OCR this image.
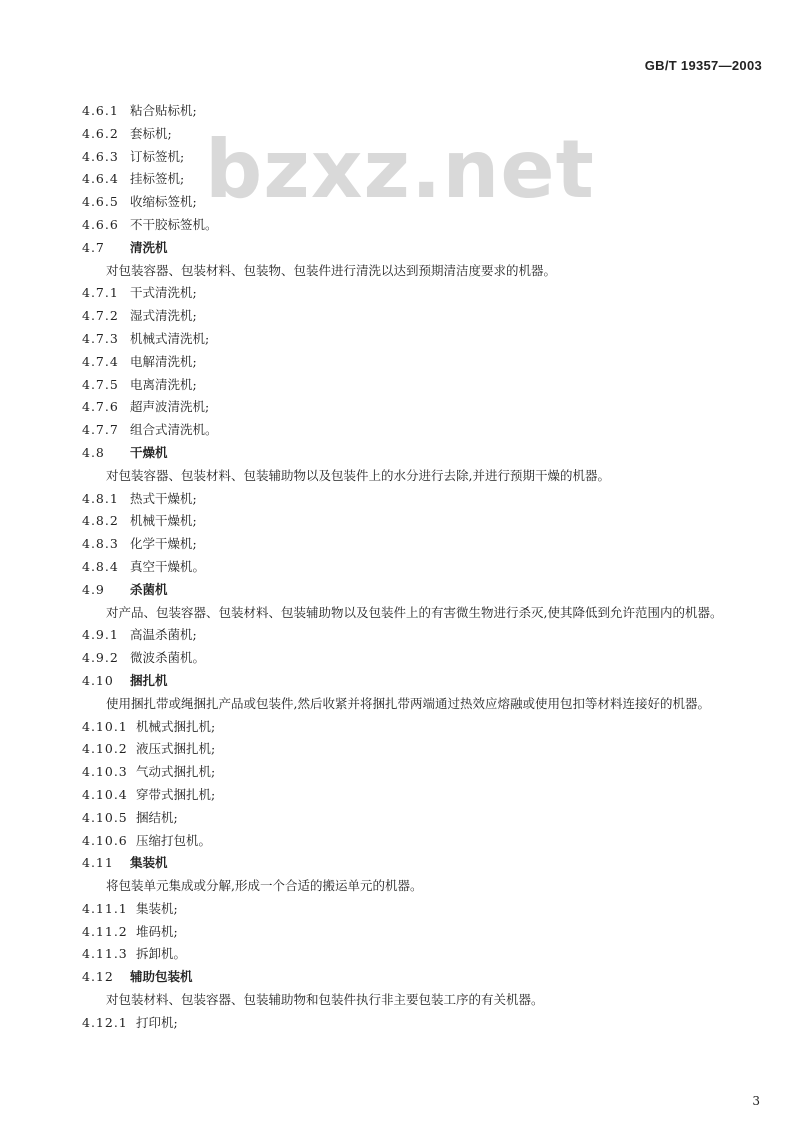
GB/T 19357—2003
bzxz.net
4.6.1 粘合贴标机;
4.6.2 套标机;
4.6.3 订标签机;
4.6.4 挂标签机;
4.6.5 收缩标签机;
4.6.6 不干胶标签机。
4.7 清洗机
对包装容器、包装材料、包装物、包装件进行清洗以达到预期清洁度要求的机器。
4.7.1 干式清洗机;
4.7.2 湿式清洗机;
4.7.3 机械式清洗机;
4.7.4 电解清洗机;
4.7.5 电离清洗机;
4.7.6 超声波清洗机;
4.7.7 组合式清洗机。
4.8 干燥机
对包装容器、包装材料、包装辅助物以及包装件上的水分进行去除,并进行预期干燥的机器。
4.8.1 热式干燥机;
4.8.2 机械干燥机;
4.8.3 化学干燥机;
4.8.4 真空干燥机。
4.9 杀菌机
对产品、包装容器、包装材料、包装辅助物以及包装件上的有害微生物进行杀灭,使其降低到允许范围内的机器。
4.9.1 高温杀菌机;
4.9.2 微波杀菌机。
4.10 捆扎机
使用捆扎带或绳捆扎产品或包装件,然后收紧并将捆扎带两端通过热效应熔融或使用包扣等材料连接好的机器。
4.10.1 机械式捆扎机;
4.10.2 液压式捆扎机;
4.10.3 气动式捆扎机;
4.10.4 穿带式捆扎机;
4.10.5 捆结机;
4.10.6 压缩打包机。
4.11 集装机
将包装单元集成或分解,形成一个合适的搬运单元的机器。
4.11.1 集装机;
4.11.2 堆码机;
4.11.3 拆卸机。
4.12 辅助包装机
对包装材料、包装容器、包装辅助物和包装件执行非主要包装工序的有关机器。
4.12.1 打印机;
3
